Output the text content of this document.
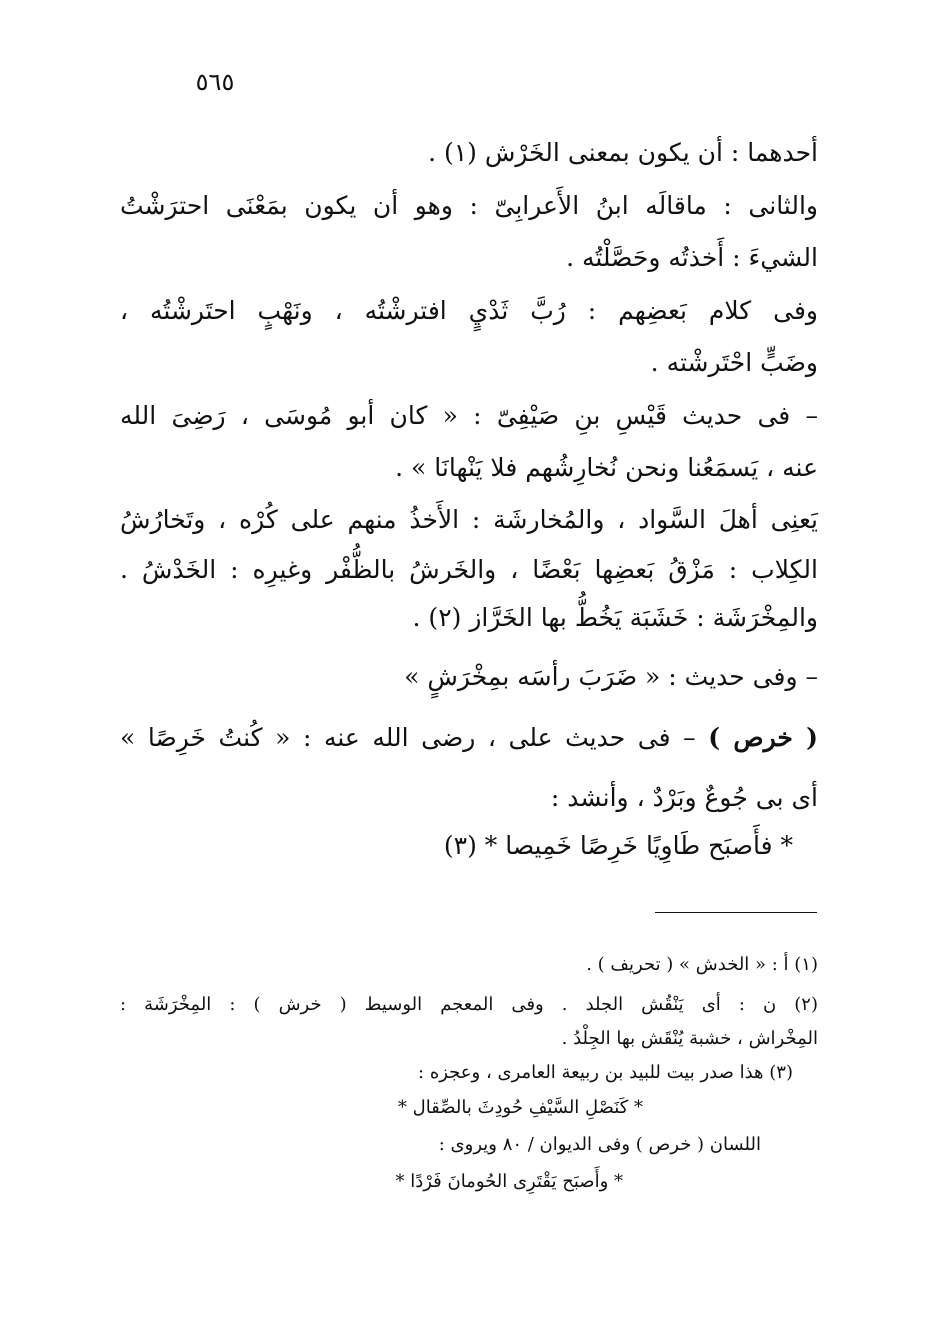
٥٦٥
أحدهما : أن يكون بمعنى الخَرْش (١) .
والثانى : ماقالَه ابنُ الأَعرابِىّ : وهو أن يكون بمَعْنَى احترَشْتُ
الشيءَ : أَخذتُه وحَصَّلْتُه .
وفى كلام بَعضِهم : رُبَّ ثَدْيٍ افترشْتُه ، ونَهْبٍ احتَرشْتُه ،
وضَبٍّ احْتَرشْته .
– فى حديث قَيْسِ بنِ صَيْفِىّ : « كان أبو مُوسَى ، رَضِىَ الله
عنه ، يَسمَعُنا ونحن نُخارِشُهم فلا يَنْهانَا » .
يَعنِى أهلَ السَّواد ، والمُخارشَة : الأَخذُ منهم على كُرْه ، وتَخارُشُ
الكِلاب : مَزْقُ بَعضِها بَعْضًا ، والخَرشُ بالظُّفْر وغيرِه : الخَدْشُ .
والمِخْرَشَة : خَشَبَة يَخُطُّ بها الخَرَّاز (٢) .
– وفى حديث : « ضَرَبَ رأسَه بمِخْرَشٍ »
( خرص ) – فى حديث على ، رضى الله عنه : « كُنتُ خَرِصًا »
أى بى جُوعٌ وبَرْدٌ ، وأنشد :
* فأَصبَح طَاوِيًا خَرِصًا خَمِيصا * (٣)
(١) أ : « الخدش » ( تحريف ) .
(٢) ن : أى يَنْقُش الجلد . وفى المعجم الوسيط ( خرش ) : المِخْرَشَة :
المِخْراش ، خشبة يُنْقَش بها الجِلْدُ .
(٣) هذا صدر بيت للبيد بن ربيعة العامرى ، وعجزه :
* كَنَصْلِ السَّيْفِ حُودِثَ بالصِّقال *
اللسان ( خرص ) وفى الديوان / ٨٠ ويروى :
* وأَصبَح يَقْتَرِى الحُومانَ فَرْدًا *
